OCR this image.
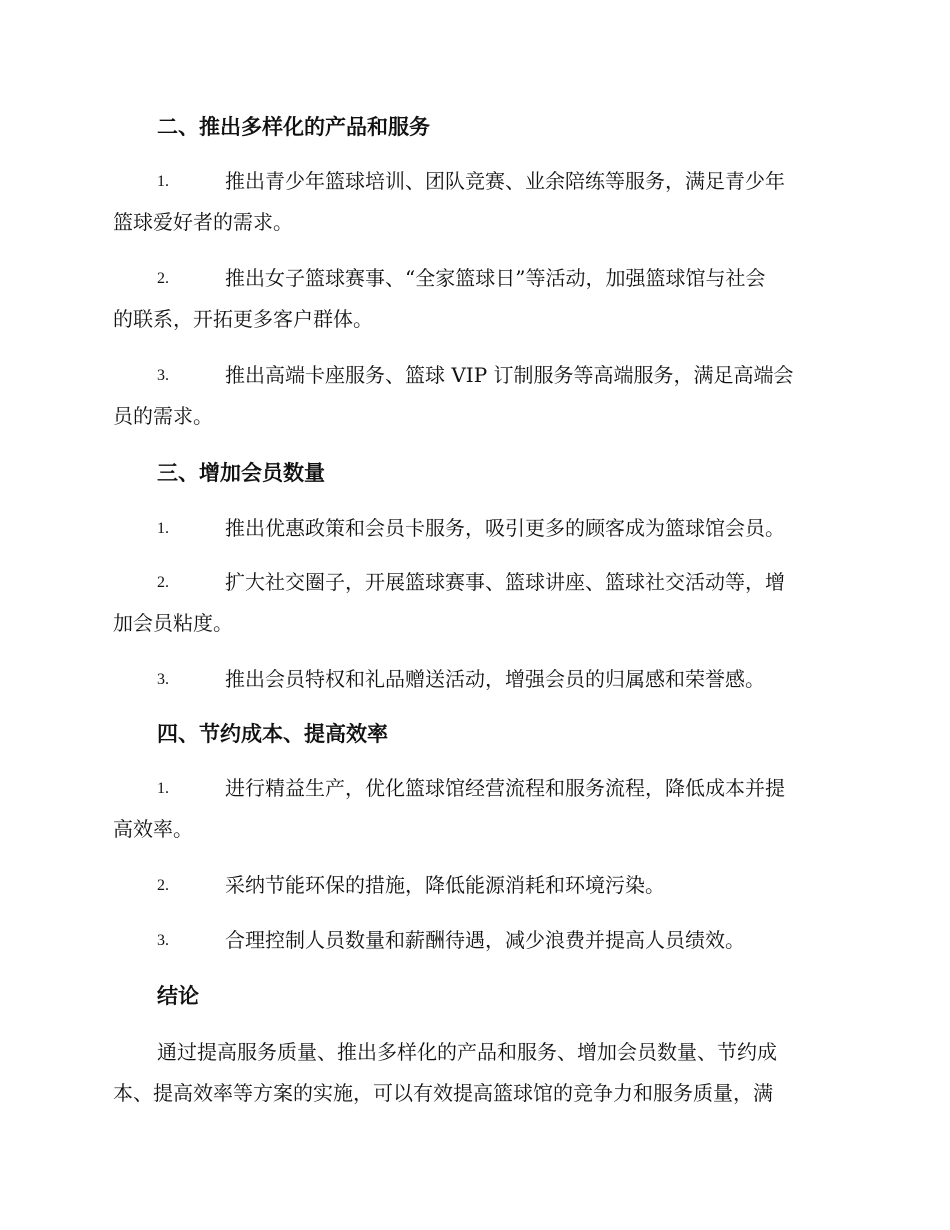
二、推出多样化的产品和服务
1.	推出青少年篮球培训、团队竞赛、业余陪练等服务，满足青少年
篮球爱好者的需求。
2.	推出女子篮球赛事、“全家篮球日”等活动，加强篮球馆与社会
的联系，开拓更多客户群体。
3.	推出高端卡座服务、篮球 VIP 订制服务等高端服务，满足高端会
员的需求。
三、增加会员数量
1.	推出优惠政策和会员卡服务，吸引更多的顾客成为篮球馆会员。
2.	扩大社交圈子，开展篮球赛事、篮球讲座、篮球社交活动等，增
加会员粘度。
3.	推出会员特权和礼品赠送活动，增强会员的归属感和荣誉感。
四、节约成本、提高效率
1.	进行精益生产，优化篮球馆经营流程和服务流程，降低成本并提
高效率。
2.	采纳节能环保的措施，降低能源消耗和环境污染。
3.	合理控制人员数量和薪酬待遇，减少浪费并提高人员绩效。
结论
通过提高服务质量、推出多样化的产品和服务、增加会员数量、节约成
本、提高效率等方案的实施，可以有效提高篮球馆的竞争力和服务质量，满
